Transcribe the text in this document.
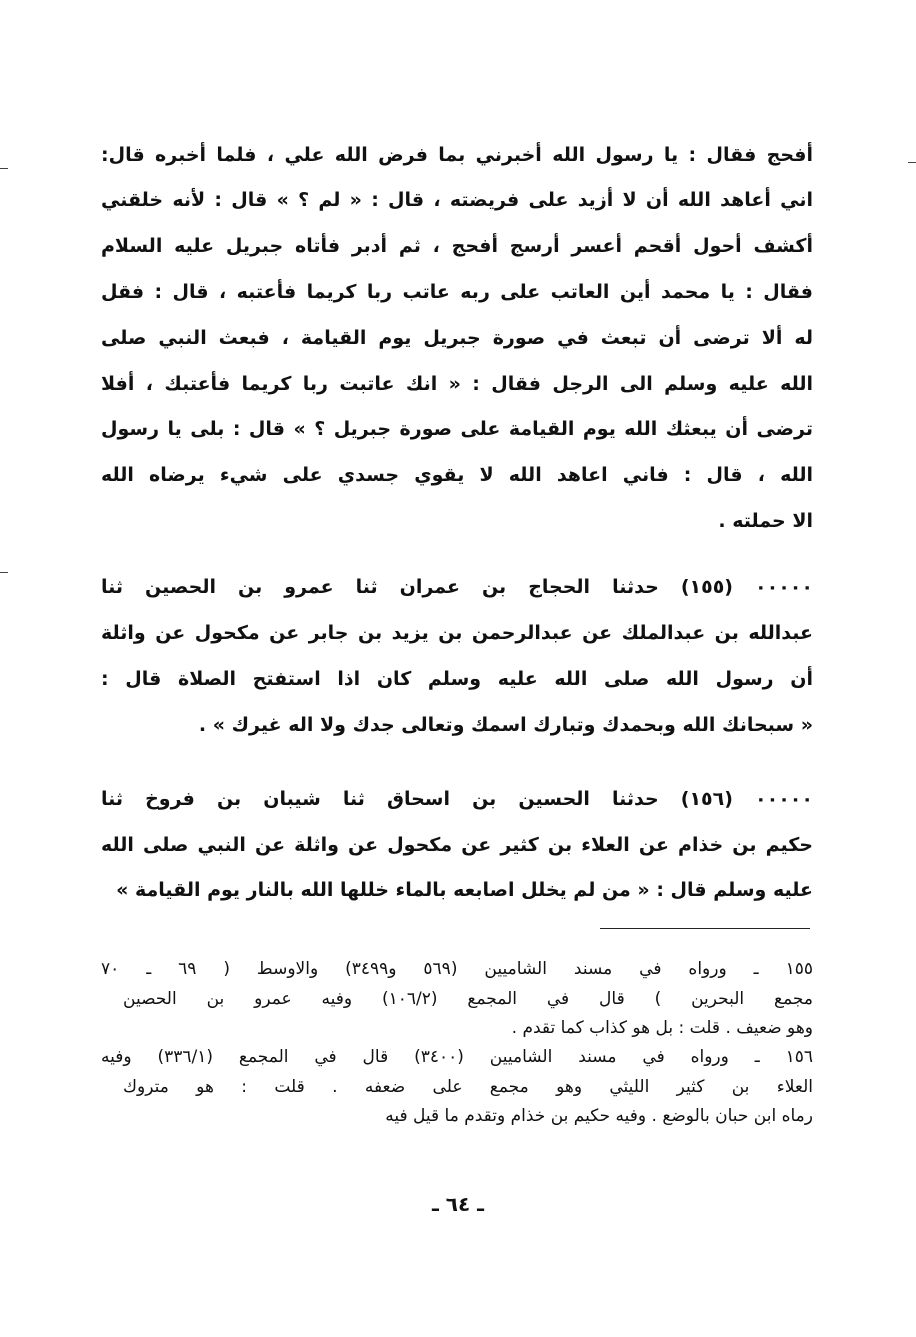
أفحج فقال : يا رسول الله أخبرني بما فرض الله علي ، فلما أخبره قال:
اني أعاهد الله أن لا أزيد على فريضته ، قال : « لم ؟ » قال : لأنه خلقني
أكشف أحول أقحم أعسر أرسج أفحج ، ثم أدبر فأتاه جبريل عليه السلام
فقال : يا محمد أين العاتب على ربه عاتب ربا كريما فأعتبه ، قال : فقل
له ألا ترضى أن تبعث في صورة جبريل يوم القيامة ، فبعث النبي صلى
الله عليه وسلم الى الرجل فقال : « انك عاتبت ربا كريما فأعتبك ، أفلا
ترضى أن يبعثك الله يوم القيامة على صورة جبريل ؟ » قال : بلى يا رسول
الله ، قال : فاني اعاهد الله لا يقوي جسدي على شيء يرضاه الله
الا حملته .
٠٠٠٠٠ (١٥٥) حدثنا الحجاج بن عمران ثنا عمرو بن الحصين ثنا
عبدالله بن عبدالملك عن عبدالرحمن بن يزيد بن جابر عن مكحول عن واثلة
أن رسول الله صلى الله عليه وسلم كان اذا استفتح الصلاة قال :
« سبحانك الله وبحمدك وتبارك اسمك وتعالى جدك ولا اله غيرك » .
٠٠٠٠٠ (١٥٦) حدثنا الحسين بن اسحاق ثنا شيبان بن فروخ ثنا
حكيم بن خذام عن العلاء بن كثير عن مكحول عن واثلة عن النبي صلى الله
عليه وسلم قال : « من لم يخلل اصابعه بالماء خللها الله بالنار يوم القيامة »
١٥٥ ـ ورواه في مسند الشاميين (٥٦٩ و٣٤٩٩) والاوسط ( ٦٩ ـ ٧٠
مجمع البحرين ) قال في المجمع (١٠٦/٢) وفيه عمرو بن الحصين
وهو ضعيف . قلت : بل هو كذاب كما تقدم .
١٥٦ ـ ورواه في مسند الشاميين (٣٤٠٠) قال في المجمع (٣٣٦/١) وفيه
العلاء بن كثير الليثي وهو مجمع على ضعفه . قلت : هو متروك
رماه ابن حبان بالوضع . وفيه حكيم بن خذام وتقدم ما قيل فيه
ـ ٦٤ ـ
